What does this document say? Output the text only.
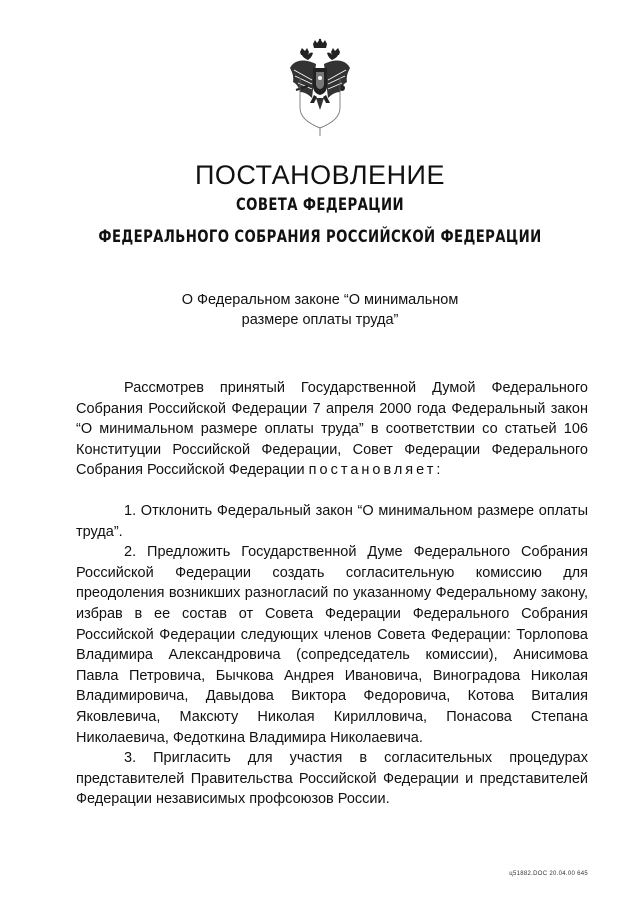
ПОСТАНОВЛЕНИЕ
СОВЕТА ФЕДЕРАЦИИ
ФЕДЕРАЛЬНОГО СОБРАНИЯ РОССИЙСКОЙ ФЕДЕРАЦИИ
О Федеральном законе “О минимальном
размере оплаты труда”

Рассмотрев принятый Государственной Думой Федерального Собрания Российской Федерации 7 апреля 2000 года Федеральный закон “О минимальном размере оплаты труда” в соответствии со статьей 106 Конституции Российской Федерации, Совет Федерации Федерального Собрания Российской Федерации постановляет:

1. Отклонить Федеральный закон “О минимальном размере оплаты труда”.

2. Предложить Государственной Думе Федерального Собрания Российской Федерации создать согласительную комиссию для преодоления возникших разногласий по указанному Федеральному закону, избрав в ее состав от Совета Федерации Федерального Собрания Российской Федерации следующих членов Совета Федерации: Торлопова Владимира Александровича (сопредседатель комиссии), Анисимова Павла Петровича, Бычкова Андрея Ивановича, Виноградова Николая Владимировича, Давыдова Виктора Федоровича, Котова Виталия Яковлевича, Максюту Николая Кирилловича, Понасова Степана Николаевича, Федоткина Владимира Николаевича.

3. Пригласить для участия в согласительных процедурах представителей Правительства Российской Федерации и представителей Федерации независимых профсоюзов России.

ц51882.DOC 20.04.00 645
